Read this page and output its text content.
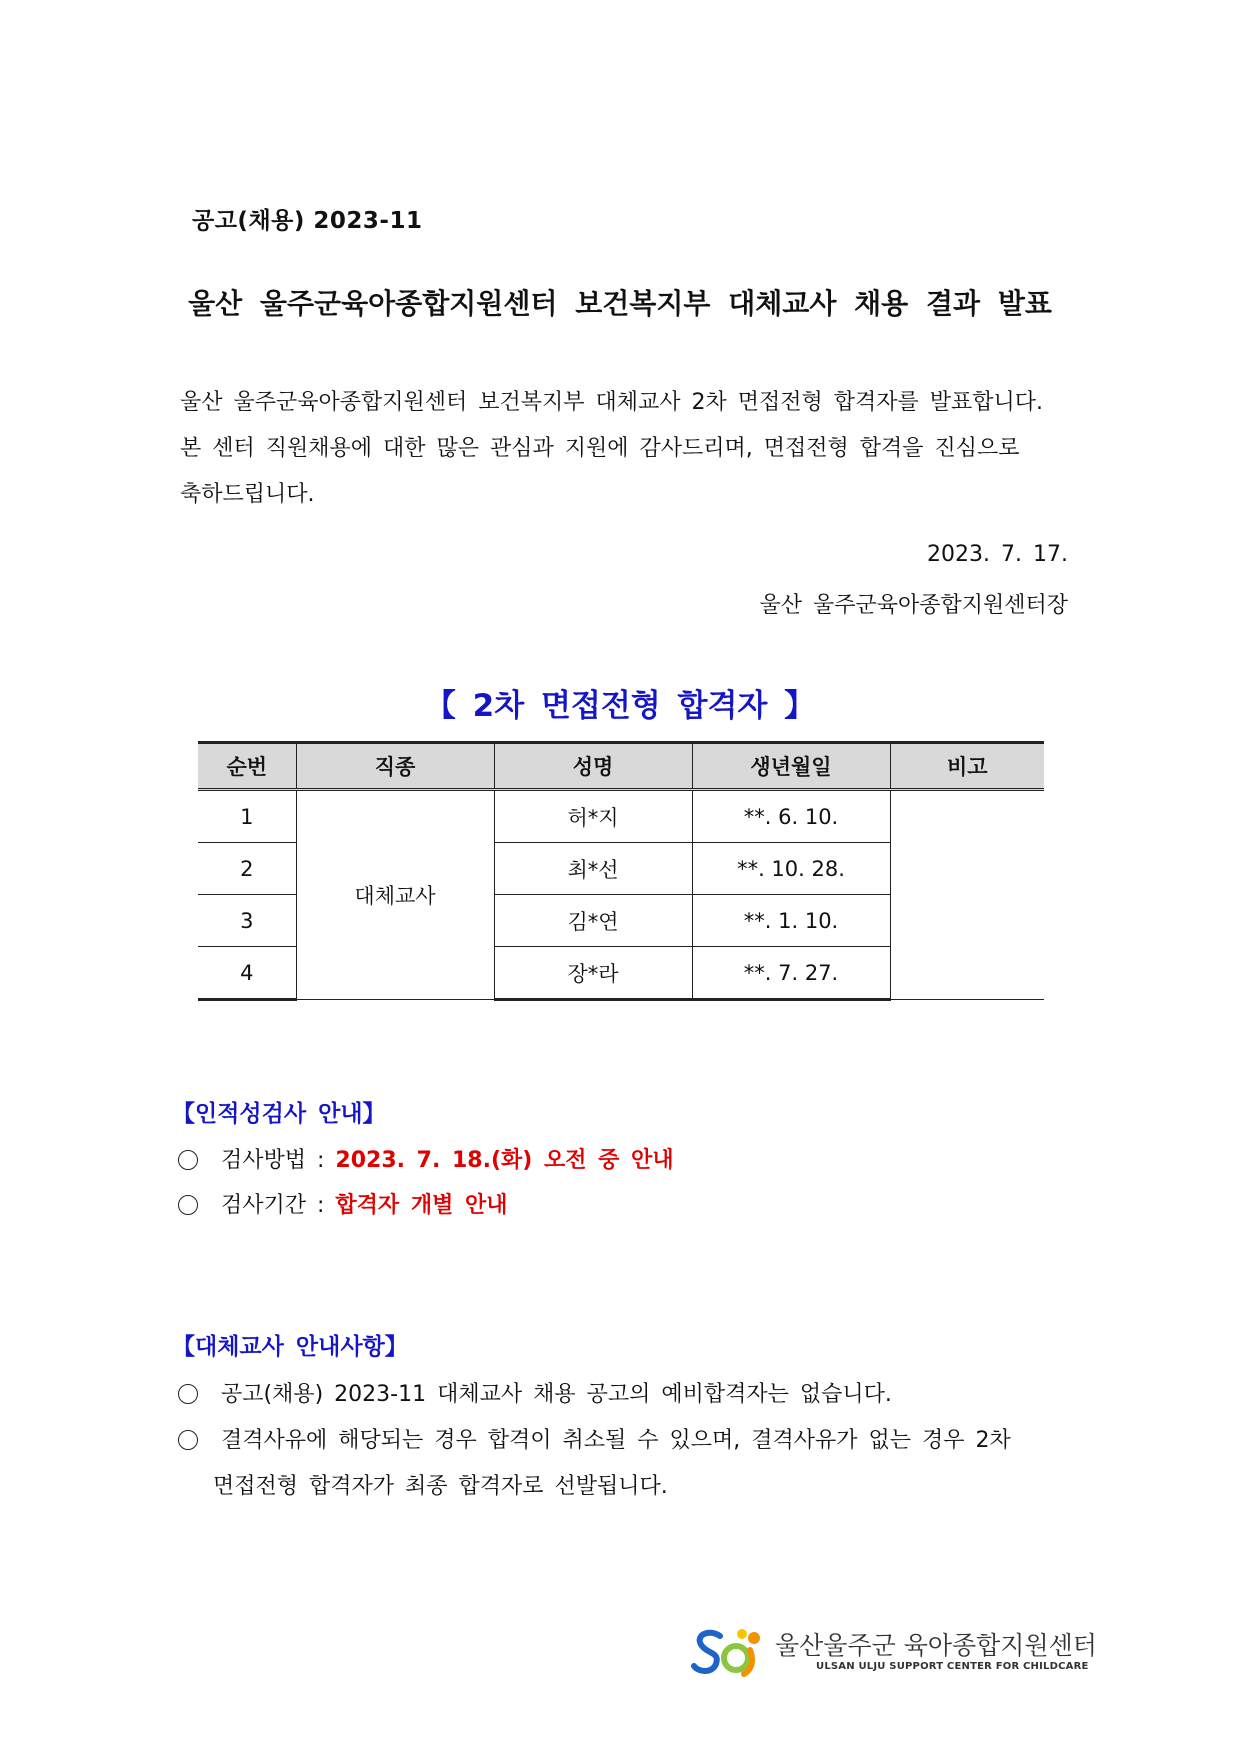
공고(채용) 2023-11
울산 울주군육아종합지원센터 보건복지부 대체교사 채용 결과 발표
울산 울주군육아종합지원센터 보건복지부 대체교사 2차 면접전형 합격자를 발표합니다.
본 센터 직원채용에 대한 많은 관심과 지원에 감사드리며, 면접전형 합격을 진심으로
축하드립니다.
2023. 7. 17.
울산 울주군육아종합지원센터장
【 2차 면접전형 합격자 】
순번	직종	성명	생년월일	비고
1	대체교사	허*지	**. 6. 10.	
2		최*선	**. 10. 28.	
3		김*연	**. 1. 10.	
4		장*라	**. 7. 27.	
【인적성검사 안내】
검사방법 : 2023. 7. 18.(화) 오전 중 안내
검사기간 : 합격자 개별 안내
【대체교사 안내사항】
공고(채용) 2023-11 대체교사 채용 공고의 예비합격자는 없습니다.
결격사유에 해당되는 경우 합격이 취소될 수 있으며, 결격사유가 없는 경우 2차
면접전형 합격자가 최종 합격자로 선발됩니다.
울산울주군 육아종합지원센터
ULSAN ULJU SUPPORT CENTER FOR CHILDCARE
